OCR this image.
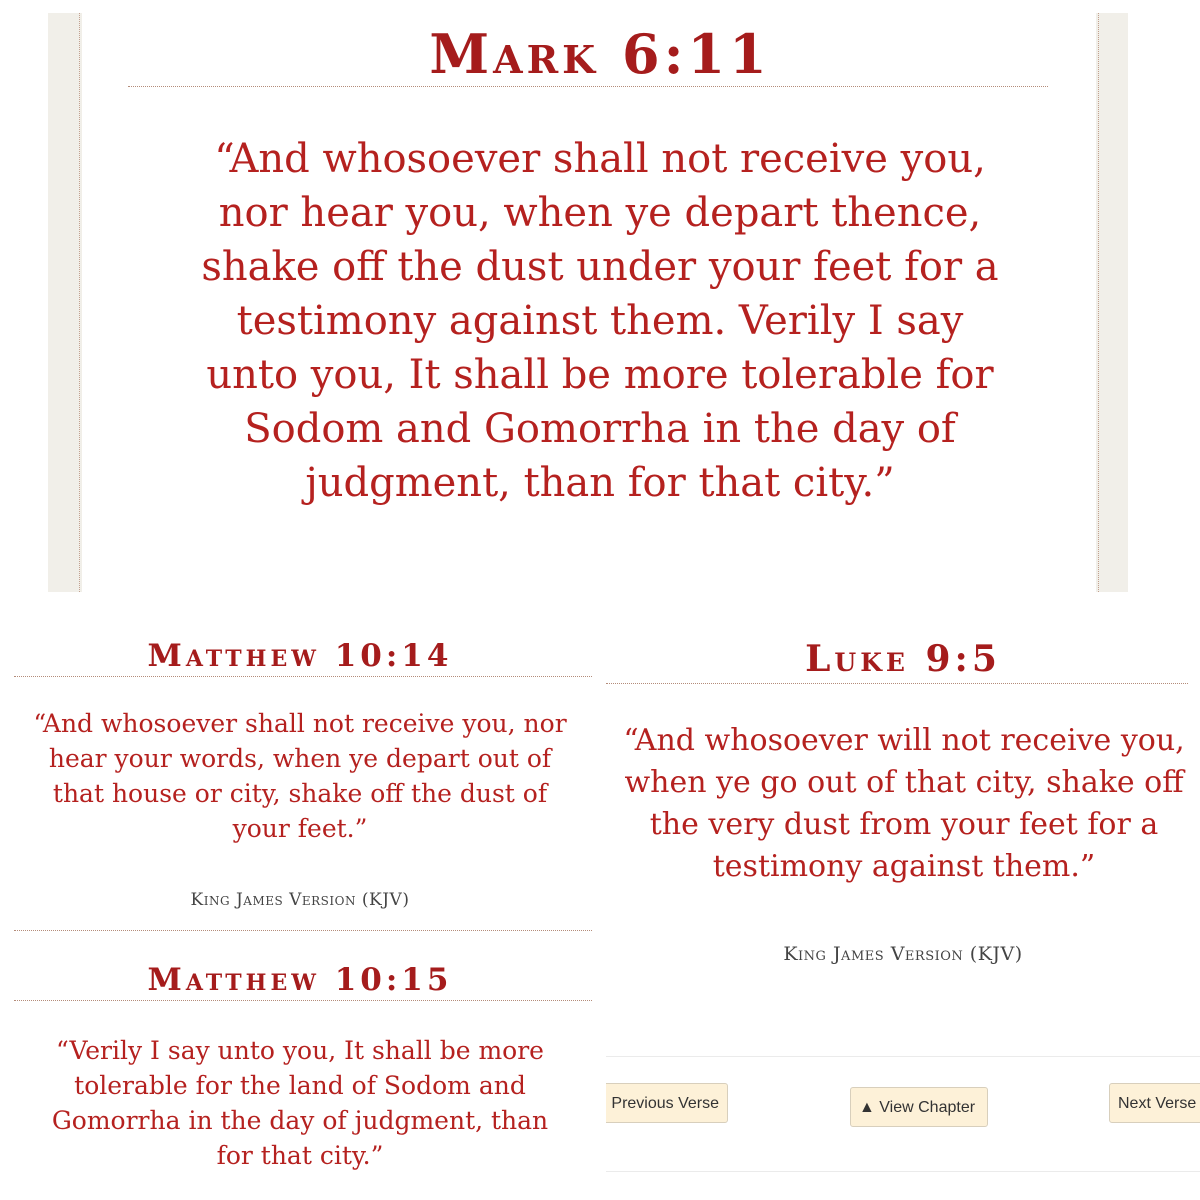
Mark 6:11
“And whosoever shall not receive you, nor hear you, when ye depart thence, shake off the dust under your feet for a testimony against them. Verily I say unto you, It shall be more tolerable for Sodom and Gomorrha in the day of judgment, than for that city.”
Matthew 10:14
“And whosoever shall not receive you, nor hear your words, when ye depart out of that house or city, shake off the dust of your feet.”
King James Version (KJV)
Matthew 10:15
“Verily I say unto you, It shall be more tolerable for the land of Sodom and Gomorrha in the day of judgment, than for that city.”
Luke 9:5
“And whosoever will not receive you, when ye go out of that city, shake off the very dust from your feet for a testimony against them.”
King James Version (KJV)
Previous Verse	▲ View Chapter	Next Verse
